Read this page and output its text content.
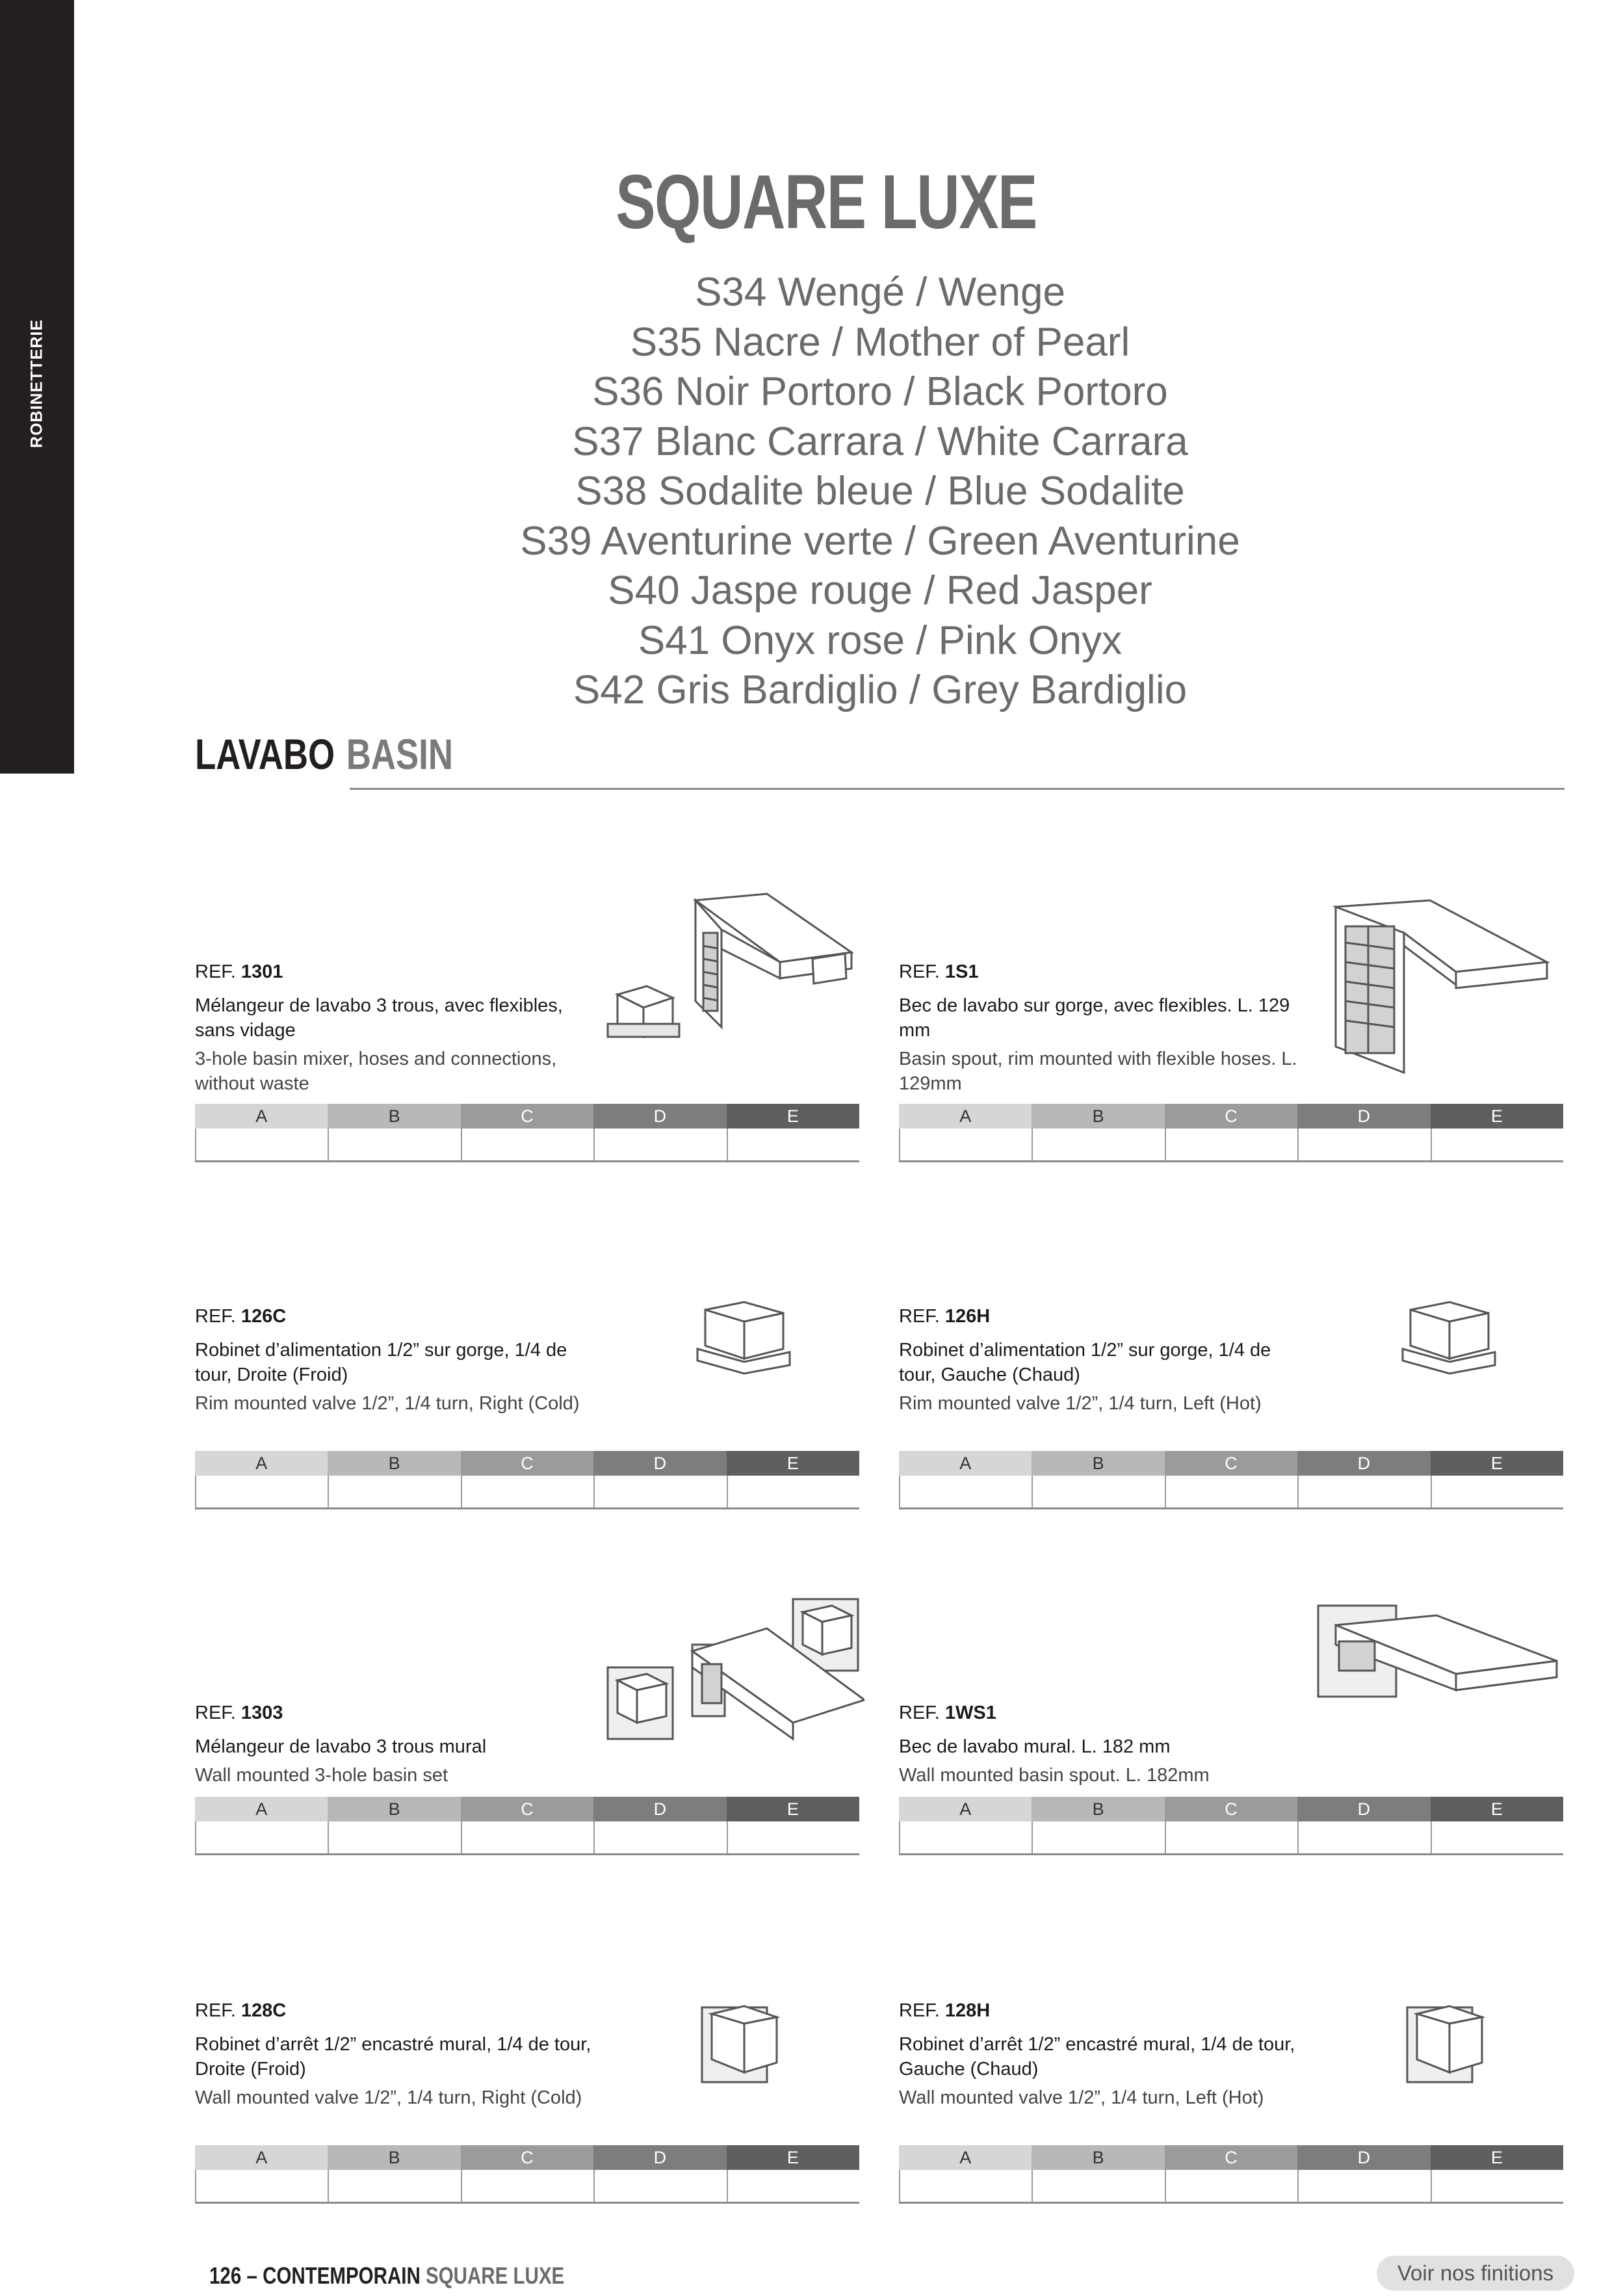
ROBINETTERIE
SQUARE LUXE
S34 Wengé / Wenge
S35 Nacre / Mother of Pearl
S36 Noir Portoro / Black Portoro
S37 Blanc Carrara / White Carrara
S38 Sodalite bleue / Blue Sodalite
S39 Aventurine verte / Green Aventurine
S40 Jaspe rouge / Red Jasper
S41 Onyx rose / Pink Onyx
S42 Gris Bardiglio / Grey Bardiglio
LAVABO BASIN
REF. 1301
Mélangeur de lavabo 3 trous, avec flexibles, sans vidage
3-hole basin mixer, hoses and connections, without waste
A	B	C	D	E
REF. 1S1
Bec de lavabo sur gorge, avec flexibles. L. 129 mm
Basin spout, rim mounted with flexible hoses. L. 129mm
A	B	C	D	E
REF. 126C
Robinet d’alimentation 1/2” sur gorge, 1/4 de tour, Droite (Froid)
Rim mounted valve 1/2”, 1/4 turn, Right (Cold)
A	B	C	D	E
REF. 126H
Robinet d’alimentation 1/2” sur gorge, 1/4 de tour, Gauche (Chaud)
Rim mounted valve 1/2”, 1/4 turn, Left (Hot)
A	B	C	D	E
REF. 1303
Mélangeur de lavabo 3 trous mural
Wall mounted 3-hole basin set
A	B	C	D	E
REF. 1WS1
Bec de lavabo mural. L. 182 mm
Wall mounted basin spout. L. 182mm
A	B	C	D	E
REF. 128C
Robinet d’arrêt 1/2” encastré mural, 1/4 de tour, Droite (Froid)
Wall mounted valve 1/2”, 1/4 turn, Right (Cold)
A	B	C	D	E
REF. 128H
Robinet d’arrêt 1/2” encastré mural, 1/4 de tour, Gauche (Chaud)
Wall mounted valve 1/2”, 1/4 turn, Left (Hot)
A	B	C	D	E
126 – CONTEMPORAIN SQUARE LUXE	Voir nos finitions
